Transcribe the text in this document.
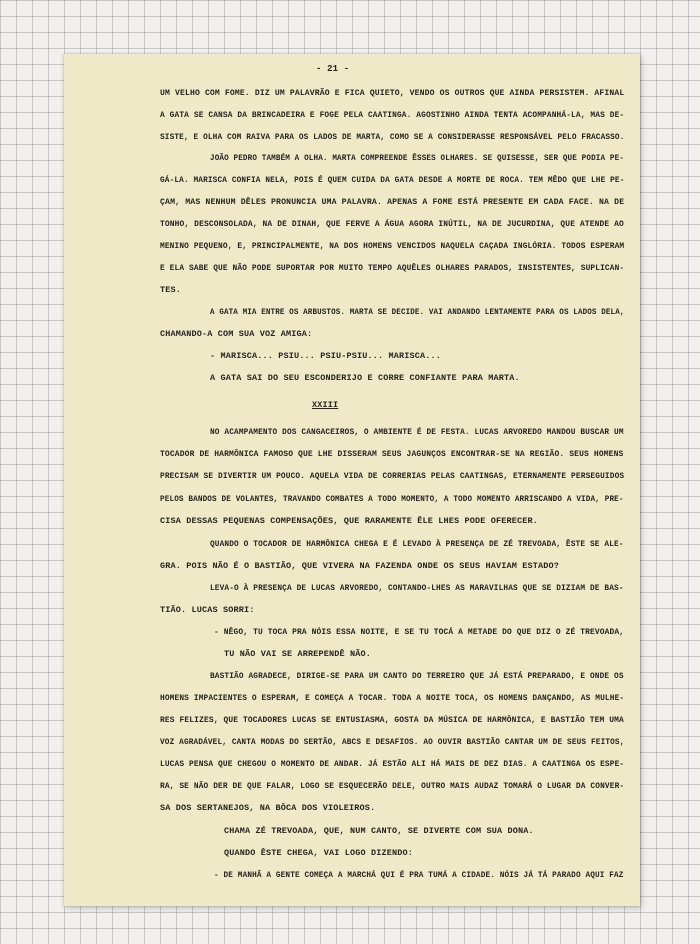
- 21 -
UM VELHO COM FOME. DIZ UM PALAVRÃO E FICA QUIETO, VENDO OS OUTROS QUE AINDA PERSISTEM. AFINAL
A GATA SE CANSA DA BRINCADEIRA E FOGE PELA CAATINGA. AGOSTINHO AINDA TENTA ACOMPANHÁ-LA, MAS DE-
SISTE, E OLHA COM RAIVA PARA OS LADOS DE MARTA, COMO SE A CONSIDERASSE RESPONSÁVEL PELO FRACASSO.
JOÃO PEDRO TAMBÉM A OLHA. MARTA COMPREENDE ÊSSES OLHARES. SE QUISESSE, SER QUE PODIA PE-
GÁ-LA. MARISCA CONFIA NELA, POIS É QUEM CUIDA DA GATA DESDE A MORTE DE ROCA. TEM MÊDO QUE LHE PE-
ÇAM, MAS NENHUM DÊLES PRONUNCIA UMA PALAVRA. APENAS A FOME ESTÁ PRESENTE EM CADA FACE. NA DE
TONHO, DESCONSOLADA, NA DE DINAH, QUE FERVE A ÁGUA AGORA INÚTIL, NA DE JUCURDINA, QUE ATENDE AO
MENINO PEQUENO, E, PRINCIPALMENTE, NA DOS HOMENS VENCIDOS NAQUELA CAÇADA INGLÓRIA. TODOS ESPERAM
E ELA SABE QUE NÃO PODE SUPORTAR POR MUITO TEMPO AQUÊLES OLHARES PARADOS, INSISTENTES, SUPLICAN-
TES.
A GATA MIA ENTRE OS ARBUSTOS. MARTA SE DECIDE. VAI ANDANDO LENTAMENTE PARA OS LADOS DELA,
CHAMANDO-A COM SUA VOZ AMIGA:
- MARISCA... PSIU... PSIU-PSIU... MARISCA...
A GATA SAI DO SEU ESCONDERIJO E CORRE CONFIANTE PARA MARTA.
XXIII
NO ACAMPAMENTO DOS CANGACEIROS, O AMBIENTE É DE FESTA. LUCAS ARVOREDO MANDOU BUSCAR UM
TOCADOR DE HARMÔNICA FAMOSO QUE LHE DISSERAM SEUS JAGUNÇOS ENCONTRAR-SE NA REGIÃO. SEUS HOMENS
PRECISAM SE DIVERTIR UM POUCO. AQUELA VIDA DE CORRERIAS PELAS CAATINGAS, ETERNAMENTE PERSEGUIDOS
PELOS BANDOS DE VOLANTES, TRAVANDO COMBATES A TODO MOMENTO, A TODO MOMENTO ARRISCANDO A VIDA, PRE-
CISA DESSAS PEQUENAS COMPENSAÇÕES, QUE RARAMENTE ÊLE LHES PODE OFERECER.
QUANDO O TOCADOR DE HARMÔNICA CHEGA E É LEVADO À PRESENÇA DE ZÉ TREVOADA, ÊSTE SE ALE-
GRA. POIS NÃO É O BASTIÃO, QUE VIVERA NA FAZENDA ONDE OS SEUS HAVIAM ESTADO?
LEVA-O À PRESENÇA DE LUCAS ARVOREDO, CONTANDO-LHES AS MARAVILHAS QUE SE DIZIAM DE BAS-
TIÃO. LUCAS SORRI:
- NÊGO, TU TOCA PRA NÓIS ESSA NOITE, E SE TU TOCÁ A METADE DO QUE DIZ O ZÉ TREVOADA,
TU NÃO VAI SE ARREPENDÊ NÃO.
BASTIÃO AGRADECE, DIRIGE-SE PARA UM CANTO DO TERREIRO QUE JÁ ESTÁ PREPARADO, E ONDE OS
HOMENS IMPACIENTES O ESPERAM, E COMEÇA A TOCAR. TODA A NOITE TOCA, OS HOMENS DANÇANDO, AS MULHE-
RES FELIZES, QUE TOCADORES LUCAS SE ENTUSIASMA, GOSTA DA MÚSICA DE HARMÔNICA, E BASTIÃO TEM UMA
VOZ AGRADÁVEL, CANTA MODAS DO SERTÃO, ABCS E DESAFIOS. AO OUVIR BASTIÃO CANTAR UM DE SEUS FEITOS,
LUCAS PENSA QUE CHEGOU O MOMENTO DE ANDAR. JÁ ESTÃO ALI HÁ MAIS DE DEZ DIAS. A CAATINGA OS ESPE-
RA, SE NÃO DER DE QUE FALAR, LOGO SE ESQUECERÃO DELE, OUTRO MAIS AUDAZ TOMARÁ O LUGAR DA CONVER-
SA DOS SERTANEJOS, NA BÔCA DOS VIOLEIROS.
CHAMA ZÉ TREVOADA, QUE, NUM CANTO, SE DIVERTE COM SUA DONA.
QUANDO ÊSTE CHEGA, VAI LOGO DIZENDO:
- DE MANHÃ A GENTE COMEÇA A MARCHÁ QUI É PRA TUMÁ A CIDADE. NÓIS JÁ TÁ PARADO AQUI FAZ
